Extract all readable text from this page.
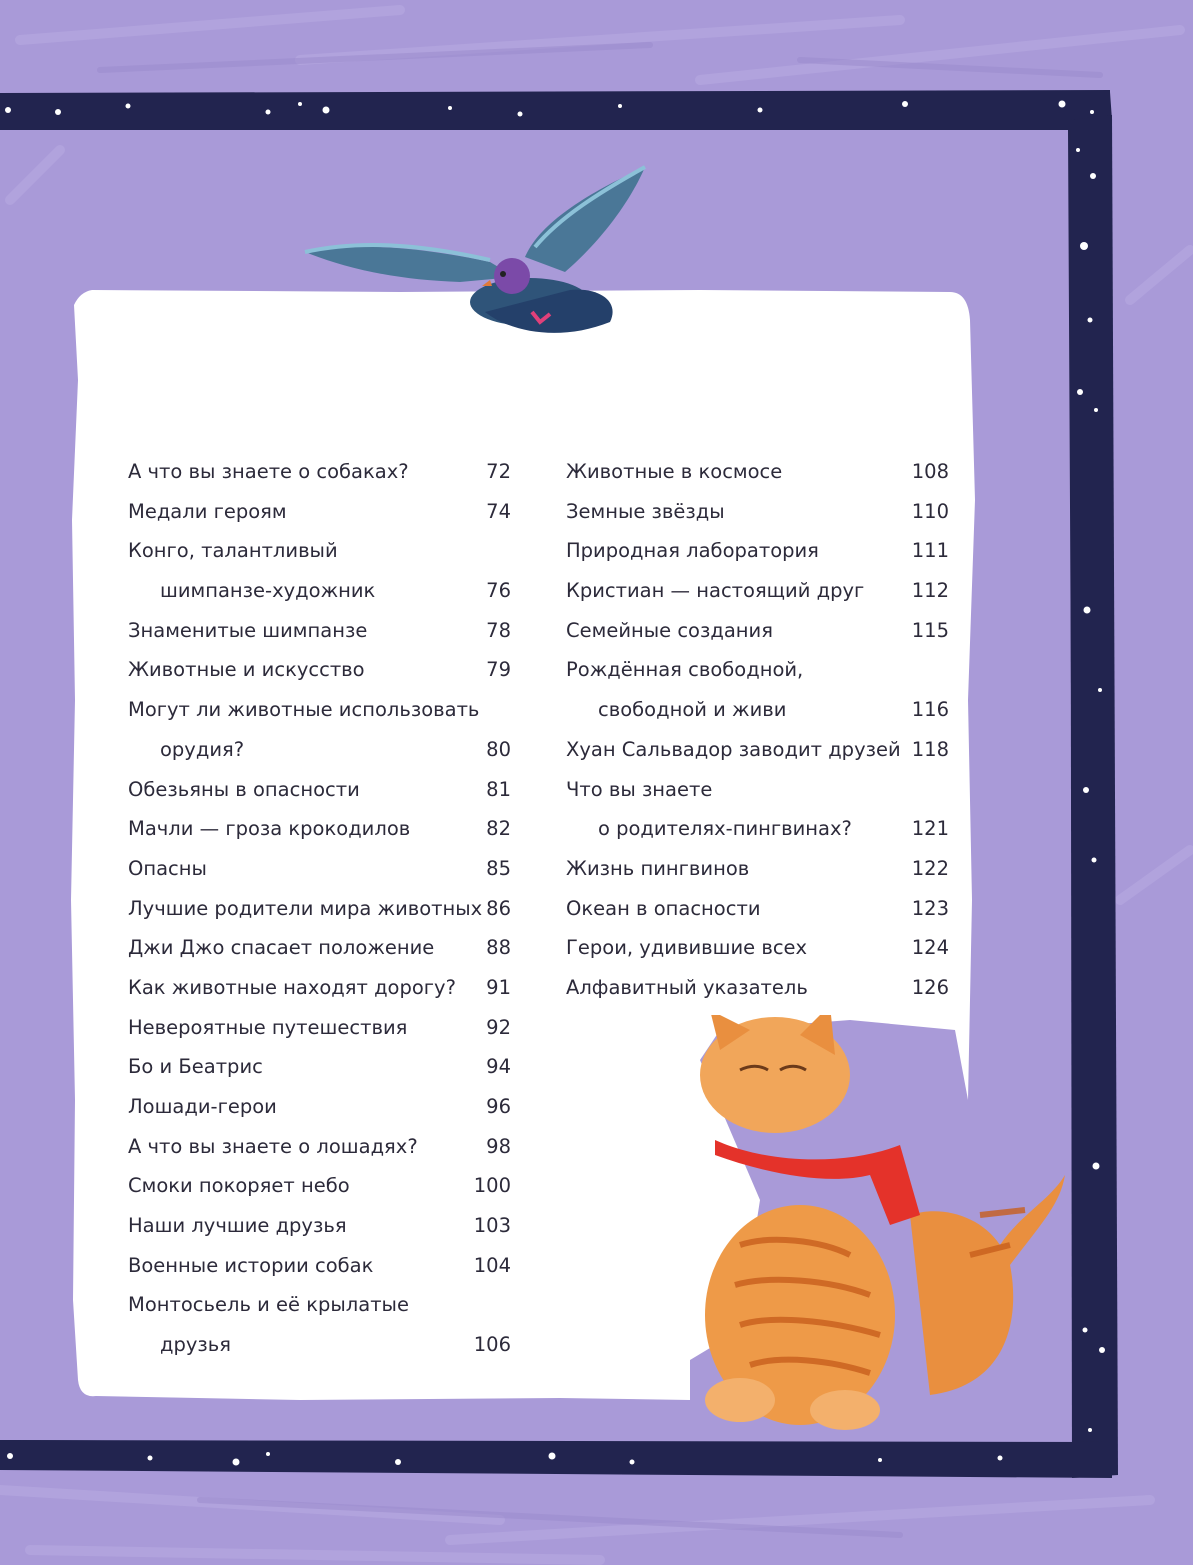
А что вы знаете о собаках?	72
Медали героям	74
Конго, талантливый
шимпанзе-художник	76
Знаменитые шимпанзе	78
Животные и искусство	79
Могут ли животные использовать
орудия?	80
Обезьяны в опасности	81
Мачли — гроза крокодилов	82
Опасны	85
Лучшие родители мира животных 86
Джи Джо спасает положение	88
Как животные находят дорогу? 91
Невероятные путешествия	92
Бо и Беатрис	94
Лошади-герои	96
А что вы знаете о лошадях?	98
Смоки покоряет небо	100
Наши лучшие друзья	103
Военные истории собак	104
Монтосьель и её крылатые
друзья	106
Животные в космосе	108
Земные звёзды	110
Природная лаборатория	111
Кристиан — настоящий друг 112
Семейные создания	115
Рождённая свободной,
свободной и живи	116
Хуан Сальвадор заводит друзей 118
Что вы знаете
о родителях-пингвинах?	121
Жизнь пингвинов	122
Океан в опасности	123
Герои, удивившие всех	124
Алфавитный указатель	126
